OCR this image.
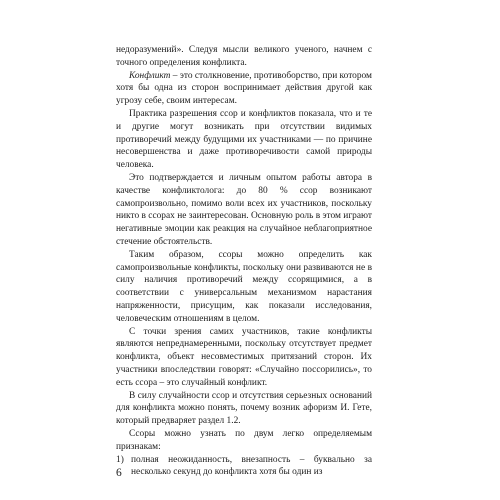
недоразумений». Следуя мысли великого ученого, начнем с точного определения конфликта.

Конфликт – это столкновение, противоборство, при котором хотя бы одна из сторон воспринимает действия другой как угрозу себе, своим интересам.

Практика разрешения ссор и конфликтов показала, что и те и другие могут возникать при отсутствии видимых противоречий между будущими их участниками — по причине несовершенства и даже противоречивости самой природы человека.

Это подтверждается и личным опытом работы автора в качестве конфликтолога: до 80 % ссор возникают самопроизвольно, помимо воли всех их участников, поскольку никто в ссорах не заинтересован. Основную роль в этом играют негативные эмоции как реакция на случайное неблагоприятное стечение обстоятельств.

Таким образом, ссоры можно определить как самопроизвольные конфликты, поскольку они развиваются не в силу наличия противоречий между ссорящимися, а в соответствии с универсальным механизмом нарастания напряженности, присущим, как показали исследования, человеческим отношениям в целом.

С точки зрения самих участников, такие конфликты являются непреднамеренными, поскольку отсутствует предмет конфликта, объект несовместимых притязаний сторон. Их участники впоследствии говорят: «Случайно поссорились», то есть ссора – это случайный конфликт.

В силу случайности ссор и отсутствия серьезных оснований для конфликта можно понять, почему возник афоризм И. Гете, который предваряет раздел 1.2.

Ссоры можно узнать по двум легко определяемым признакам:

1) полная неожиданность, внезапность – буквально за несколько секунд до конфликта хотя бы один из

6
